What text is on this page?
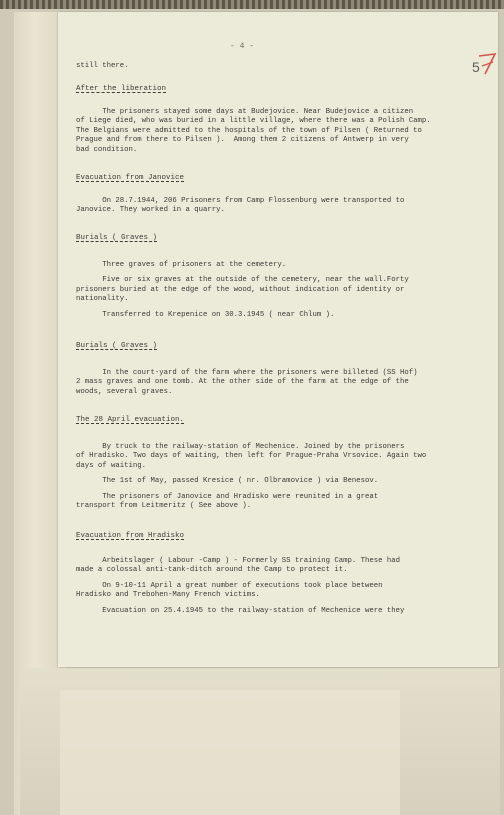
- 4 -
5
still there.
After the liberation
The prisoners stayed some days at Budejovice. Near Budejovice a citizen
of Liege died, who was buried in a little village, where there was a Polish Camp.
The Belgians were admitted to the hospitals of the town of Pilsen ( Returned to
Prague and from there to Pilsen ).  Among them 2 citizens of Antwerp in very
bad condition.
Evacuation from Janovice
On 28.7.1944, 206 Prisoners from Camp Flossenburg were transported to
Janovice. They worked in a quarry.
Burials ( Graves )
Three graves of prisoners at the cemetery.

Five or six graves at the outside of the cemetery, near the wall.Forty
prisoners buried at the edge of the wood, without indication of identity or
nationality.

Transferred to Krepenice on 30.3.1945 ( near Chlum ).
Burials ( Graves )
In the court-yard of the farm where the prisoners were billeted (SS Hof)
2 mass graves and one tomb. At the other side of the farm at the edge of the
woods, several graves.
The 28 April evacuation.
By truck to the railway-station of Mechenice. Joined by the prisoners
of Hradisko. Two days of waiting, then left for Prague-Praha Vrsovice. Again two
days of waiting.

The 1st of May, passed Kresice ( nr. Olbramovice ) via Benesov.

The prisoners of Janovice and Hradisko were reunited in a great
transport from Leitmeritz ( See above ).
Evacuation from Hradisko
Arbeitslager ( Labour -Camp ) - Formerly SS training Camp. These had
made a colossal anti-tank-ditch around the Camp to protect it.

On 9-10-11 April a great number of executions took place between
Hradisko and Trebohen-Many French victims.

Evacuation on 25.4.1945 to the railway-station of Mechenice were they
